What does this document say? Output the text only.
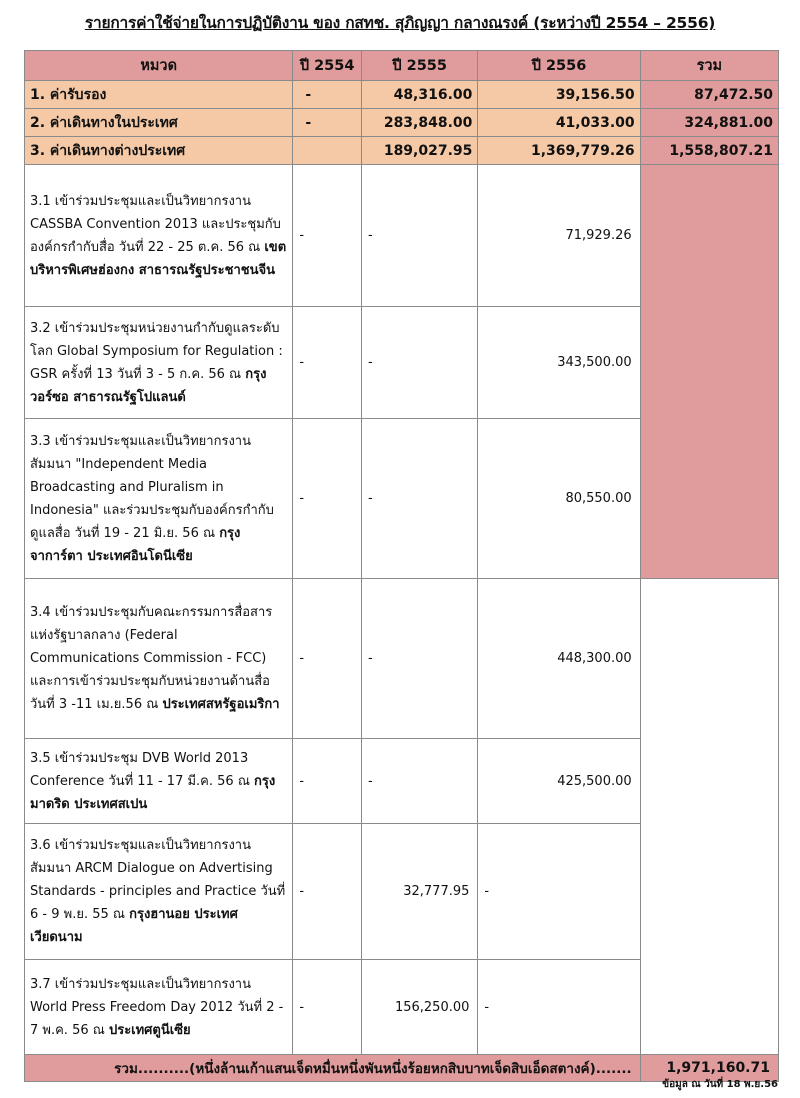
รายการค่าใช้จ่ายในการปฏิบัติงาน ของ กสทช. สุภิญญา กลางณรงค์ (ระหว่างปี 2554 – 2556)
หมวด	ปี 2554	ปี 2555	ปี 2556	รวม
1. ค่ารับรอง	-	48,316.00	39,156.50	87,472.50
2. ค่าเดินทางในประเทศ	-	283,848.00	41,033.00	324,881.00
3. ค่าเดินทางต่างประเทศ		189,027.95	1,369,779.26	1,558,807.21
3.1 เข้าร่วมประชุมและเป็นวิทยากรงาน CASSBA Convention 2013 และประชุมกับองค์กรกำกับสื่อ วันที่ 22 - 25 ต.ค. 56 ณ เขตบริหารพิเศษฮ่องกง สาธารณรัฐประชาชนจีน	-	-	71,929.26	
3.2 เข้าร่วมประชุมหน่วยงานกำกับดูแลระดับโลก Global Symposium for Regulation : GSR ครั้งที่ 13 วันที่ 3 - 5 ก.ค. 56 ณ กรุงวอร์ซอ สาธารณรัฐโปแลนด์	-	-	343,500.00	
3.3 เข้าร่วมประชุมและเป็นวิทยากรงานสัมมนา "Independent Media Broadcasting and Pluralism in Indonesia" และร่วมประชุมกับองค์กรกำกับดูแลสื่อ วันที่ 19 - 21 มิ.ย. 56 ณ กรุงจาการ์ตา ประเทศอินโดนีเซีย	-	-	80,550.00	
3.4 เข้าร่วมประชุมกับคณะกรรมการสื่อสารแห่งรัฐบาลกลาง (Federal Communications Commission - FCC) และการเข้าร่วมประชุมกับหน่วยงานด้านสื่อ วันที่ 3 -11 เม.ย.56 ณ ประเทศสหรัฐอเมริกา	-	-	448,300.00	
3.5 เข้าร่วมประชุม DVB World 2013 Conference วันที่ 11 - 17 มี.ค. 56 ณ กรุงมาดริด ประเทศสเปน	-	-	425,500.00	
3.6 เข้าร่วมประชุมและเป็นวิทยากรงานสัมมนา ARCM Dialogue on Advertising Standards - principles and Practice วันที่ 6 - 9 พ.ย. 55 ณ กรุงฮานอย ประเทศเวียดนาม	-	32,777.95	-	
3.7 เข้าร่วมประชุมและเป็นวิทยากรงาน World Press Freedom Day 2012 วันที่ 2 - 7 พ.ค. 56 ณ ประเทศตูนีเซีย	-	156,250.00	-	
รวม..........(หนึ่งล้านเก้าแสนเจ็ดหมื่นหนึ่งพันหนึ่งร้อยหกสิบบาทเจ็ดสิบเอ็ดสตางค์).......				1,971,160.71
ข้อมูล ณ วันที่ 18 พ.ย.56
